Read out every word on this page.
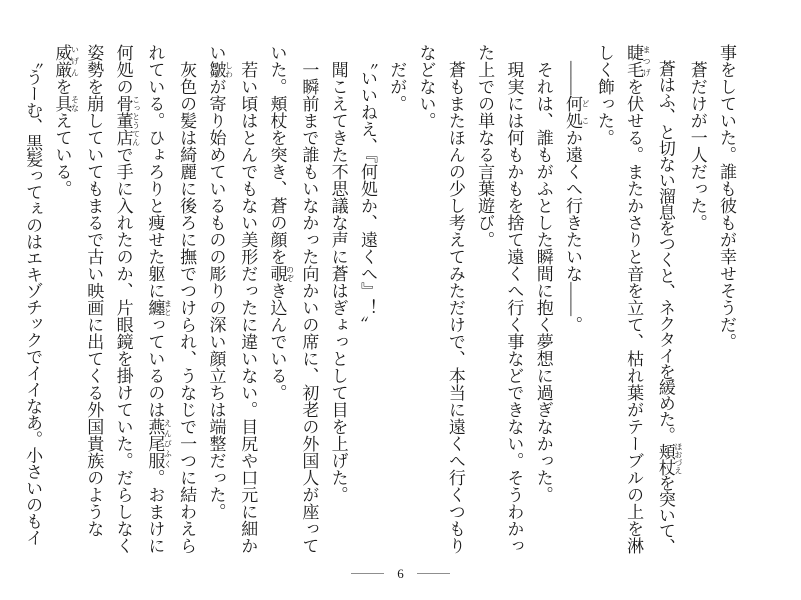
事をしていた。誰も彼もが幸せそうだ。
　蒼だけが一人だった。
　蒼はふ、と切ない溜息をつくと、ネクタイを緩めた。頬杖 ほおづえを突いて、
睫毛 まつげを伏せる。またかさりと音を立て、枯れ葉がテーブルの上を淋
しく飾った。
　――何処 どこか遠くへ行きたいな――。
　それは、誰もがふとした瞬間に抱く夢想に過ぎなかった。
　現実には何もかもを捨て遠くへ行く事などできない。そうわかっ
た上での単なる言葉遊び。
　蒼もまたほんの少し考えてみただけで、本当に遠くへ行くつもり
などない。
　だが。
　〝いいねえ、『何処か、遠くへ』！〟
　聞こえてきた不思議な声に蒼はぎょっとして目を上げた。
　一瞬前まで誰もいなかった向かいの席に、初老の外国人が座って
いた。頬杖を突き、蒼の顔を覗 のぞき込んでいる。
　若い頃はとんでもない美形だったに違いない。目尻や口元に細か
い皺 しわが寄り始めているものの彫りの深い顔立ちは端整だった。
　灰色の髪は綺麗に後ろに撫でつけられ、うなじで一つに結わえら
れている。ひょろりと痩せた躯に纏 まとっているのは燕尾服 えんびふく。おまけに
何処の骨董店 こっとうてんで手に入れたのか、片眼鏡を掛けていた。だらしなく
姿勢を崩していてもまるで古い映画に出てくる外国貴族のような
威厳 いげんを具 そなえている。
　〝うーむ、黒髪ってぇのはエキゾチックでイイなあ。小さいのもイ
6
